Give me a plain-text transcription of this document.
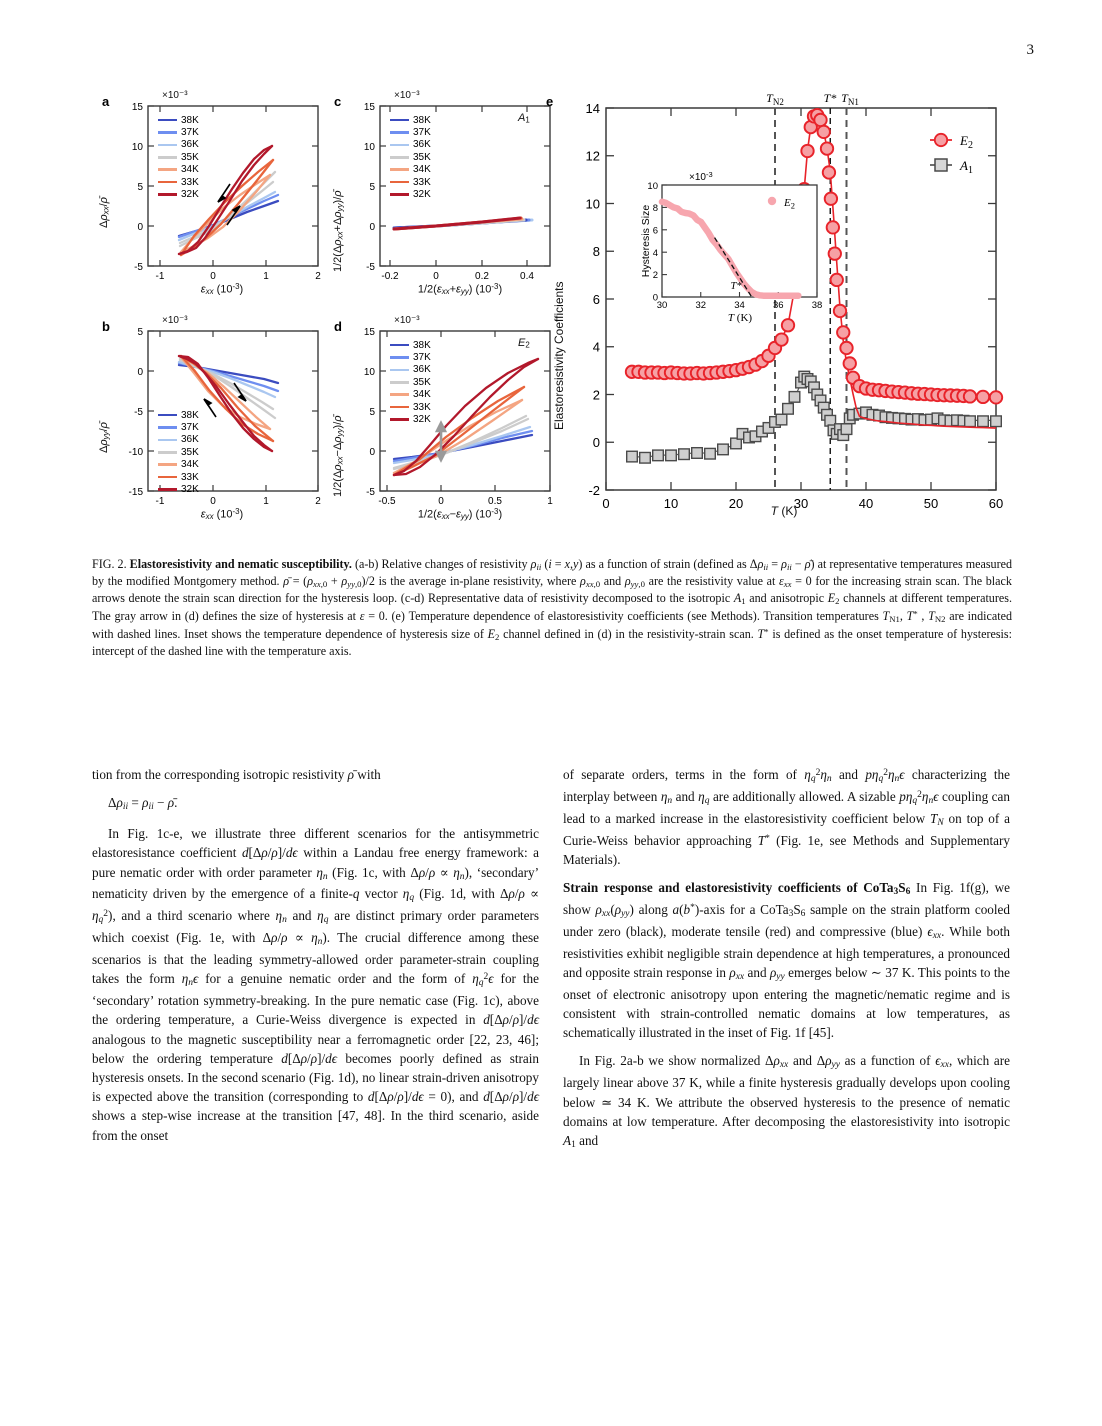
3
a	×10⁻³
$\Delta\rho_{xx}/\rhō$
$\varepsilon_{xx}$ $(10^{-3})$
15
10
5
0
-5
-1	0	1	2
38K
37K
36K
35K
34K
33K
32K
b	×10⁻³
$\Delta\rho_{yy}/\rhō$
$\varepsilon_{xx}$ $(10^{-3})$
5
0
-5
-10
-15
-1	0	1	2
38K
37K
36K
35K
34K
33K
32K
c	×10⁻³
$1/2(\Delta\rho_{xx}+\Delta\rho_{yy})/\rhō$
$A_1$
$1/2(\varepsilon_{xx}+\varepsilon_{yy})$ $(10^{-3})$
15
10
5
0
-5
-0.2	0	0.2	0.4
38K
37K
36K
35K
34K
33K
32K
d	×10⁻³
$1/2(\Delta\rho_{xx}-\Delta\rho_{yy})/\rhō$
$E_2$
$1/2(\varepsilon_{xx}-\varepsilon_{yy})$ $(10^{-3})$
15
10
5
0
-5
-0.5	0	0.5	1
38K
37K
36K
35K
34K
33K
32K
e
Elastoresistivity Coefficients
T (K)
14
12
10
8
6
4
2
0
-2
0	10	20	30	40	50	60
$T_{N2}$	T* $T_{N1}$
$E_2$
$A_1$
10
8
6
4
2
0
30	32	34	36	38
$\times 10^{-3}$
T (K)
Hysteresis Size
$E_2$
T*
FIG. 2. Elastoresistivity and nematic susceptibility. (a-b) Relative changes of resistivity $\rho_{ii}$ (i = x,y) as a function of strain (defined as $\Delta\rho_{ii} = \rho_{ii}$ − ρ̄) at representative temperatures measured by the modified Montgomery method. ρ̄ = $(\rho_{xx,0} + \rho_{yy,0})/2$ is the average in-plane resistivity, where $\rho_{xx,0}$ and $\rho_{yy,0}$ are the resistivity value at $\varepsilon_{xx} = 0$ for the increasing strain scan. The black arrows denote the strain scan direction for the hysteresis loop. (c-d) Representative data of resistivity decomposed to the isotropic $A_1$ and anisotropic $E_2$ channels at different temperatures. The gray arrow in (d) defines the size of hysteresis at ε = 0. (e) Temperature dependence of elastoresistivity coefficients (see Methods). Transition temperatures $T_{N1}$, T* , $T_{N2}$ are indicated with dashed lines. Inset shows the temperature dependence of hysteresis size of $E_2$ channel defined in (d) in the resistivity-strain scan. T* is defined as the onset temperature of hysteresis: intercept of the dashed line with the temperature axis.

tion from the corresponding isotropic resistivity ρ̄ with

$\Delta\rho_{ii} = \rho_{ii}$ − ρ̄.

In Fig. 1c-e, we illustrate three different scenarios for the antisymmetric elastoresistance coefficient d[Δρ/ρ]/dϵ within a Landau free energy framework: a pure nematic order with order parameter $\eta_n$ (Fig. 1c, with $\Delta\rho/\rho \propto \eta_n$), ‘secondary’ nematicity driven by the emergence of a finite-q vector $\eta_q$ (Fig. 1d, with $\Delta\rho/\rho \propto \eta_q^2$), and a third scenario where $\eta_n$ and $\eta_q$ are distinct primary order parameters which coexist (Fig. 1e, with $\Delta\rho/\rho \propto \eta_n$). The crucial difference among these scenarios is that the leading symmetry-allowed order parameter-strain coupling takes the form $\eta_n\epsilon$ for a genuine nematic order and the form of $\eta_q^2\epsilon$ for the ‘secondary’ rotation symmetry-breaking. In the pure nematic case (Fig. 1c), above the ordering temperature, a Curie-Weiss divergence is expected in d[Δρ/ρ]/dϵ analogous to the magnetic susceptibility near a ferromagnetic order [22, 23, 46]; below the ordering temperature d[Δρ/ρ]/dϵ becomes poorly defined as strain hysteresis onsets. In the second scenario (Fig. 1d), no linear strain-driven anisotropy is expected above the transition (corresponding to d[Δρ/ρ]/dϵ = 0), and d[Δρ/ρ]/dϵ shows a step-wise increase at the transition [47, 48]. In the third scenario, aside from the onset

of separate orders, terms in the form of $\eta_q^2\eta_n$ and $p\eta_q^2\eta_n\epsilon$ characterizing the interplay between $\eta_n$ and $\eta_q$ are additionally allowed. A sizable $p\eta_q^2\eta_n\epsilon$ coupling can lead to a marked increase in the elastoresistivity coefficient below $T_N$ on top of a Curie-Weiss behavior approaching T* (Fig. 1e, see Methods and Supplementary Materials).

Strain response and elastoresistivity coefficients of $CoTa_3S_6$ In Fig. 1f(g), we show $\rho_{xx}(\rho_{yy})$ along a(b*)-axis for a $CoTa_3S_6$ sample on the strain platform cooled under zero (black), moderate tensile (red) and compressive (blue) $\epsilon_{xx}$. While both resistivities exhibit negligible strain dependence at high temperatures, a pronounced and opposite strain response in $\rho_{xx}$ and $\rho_{yy}$ emerges below ∼ 37 K. This points to the onset of electronic anisotropy upon entering the magnetic/nematic regime and is consistent with strain-controlled nematic domains at low temperatures, as schematically illustrated in the inset of Fig. 1f [45].

In Fig. 2a-b we show normalized $\Delta\rho_{xx}$ and $\Delta\rho_{yy}$ as a function of $\epsilon_{xx}$, which are largely linear above 37 K, while a finite hysteresis gradually develops upon cooling below ≃ 34 K. We attribute the observed hysteresis to the presence of nematic domains at low temperature. After decomposing the elastoresistivity into isotropic $A_1$ and
